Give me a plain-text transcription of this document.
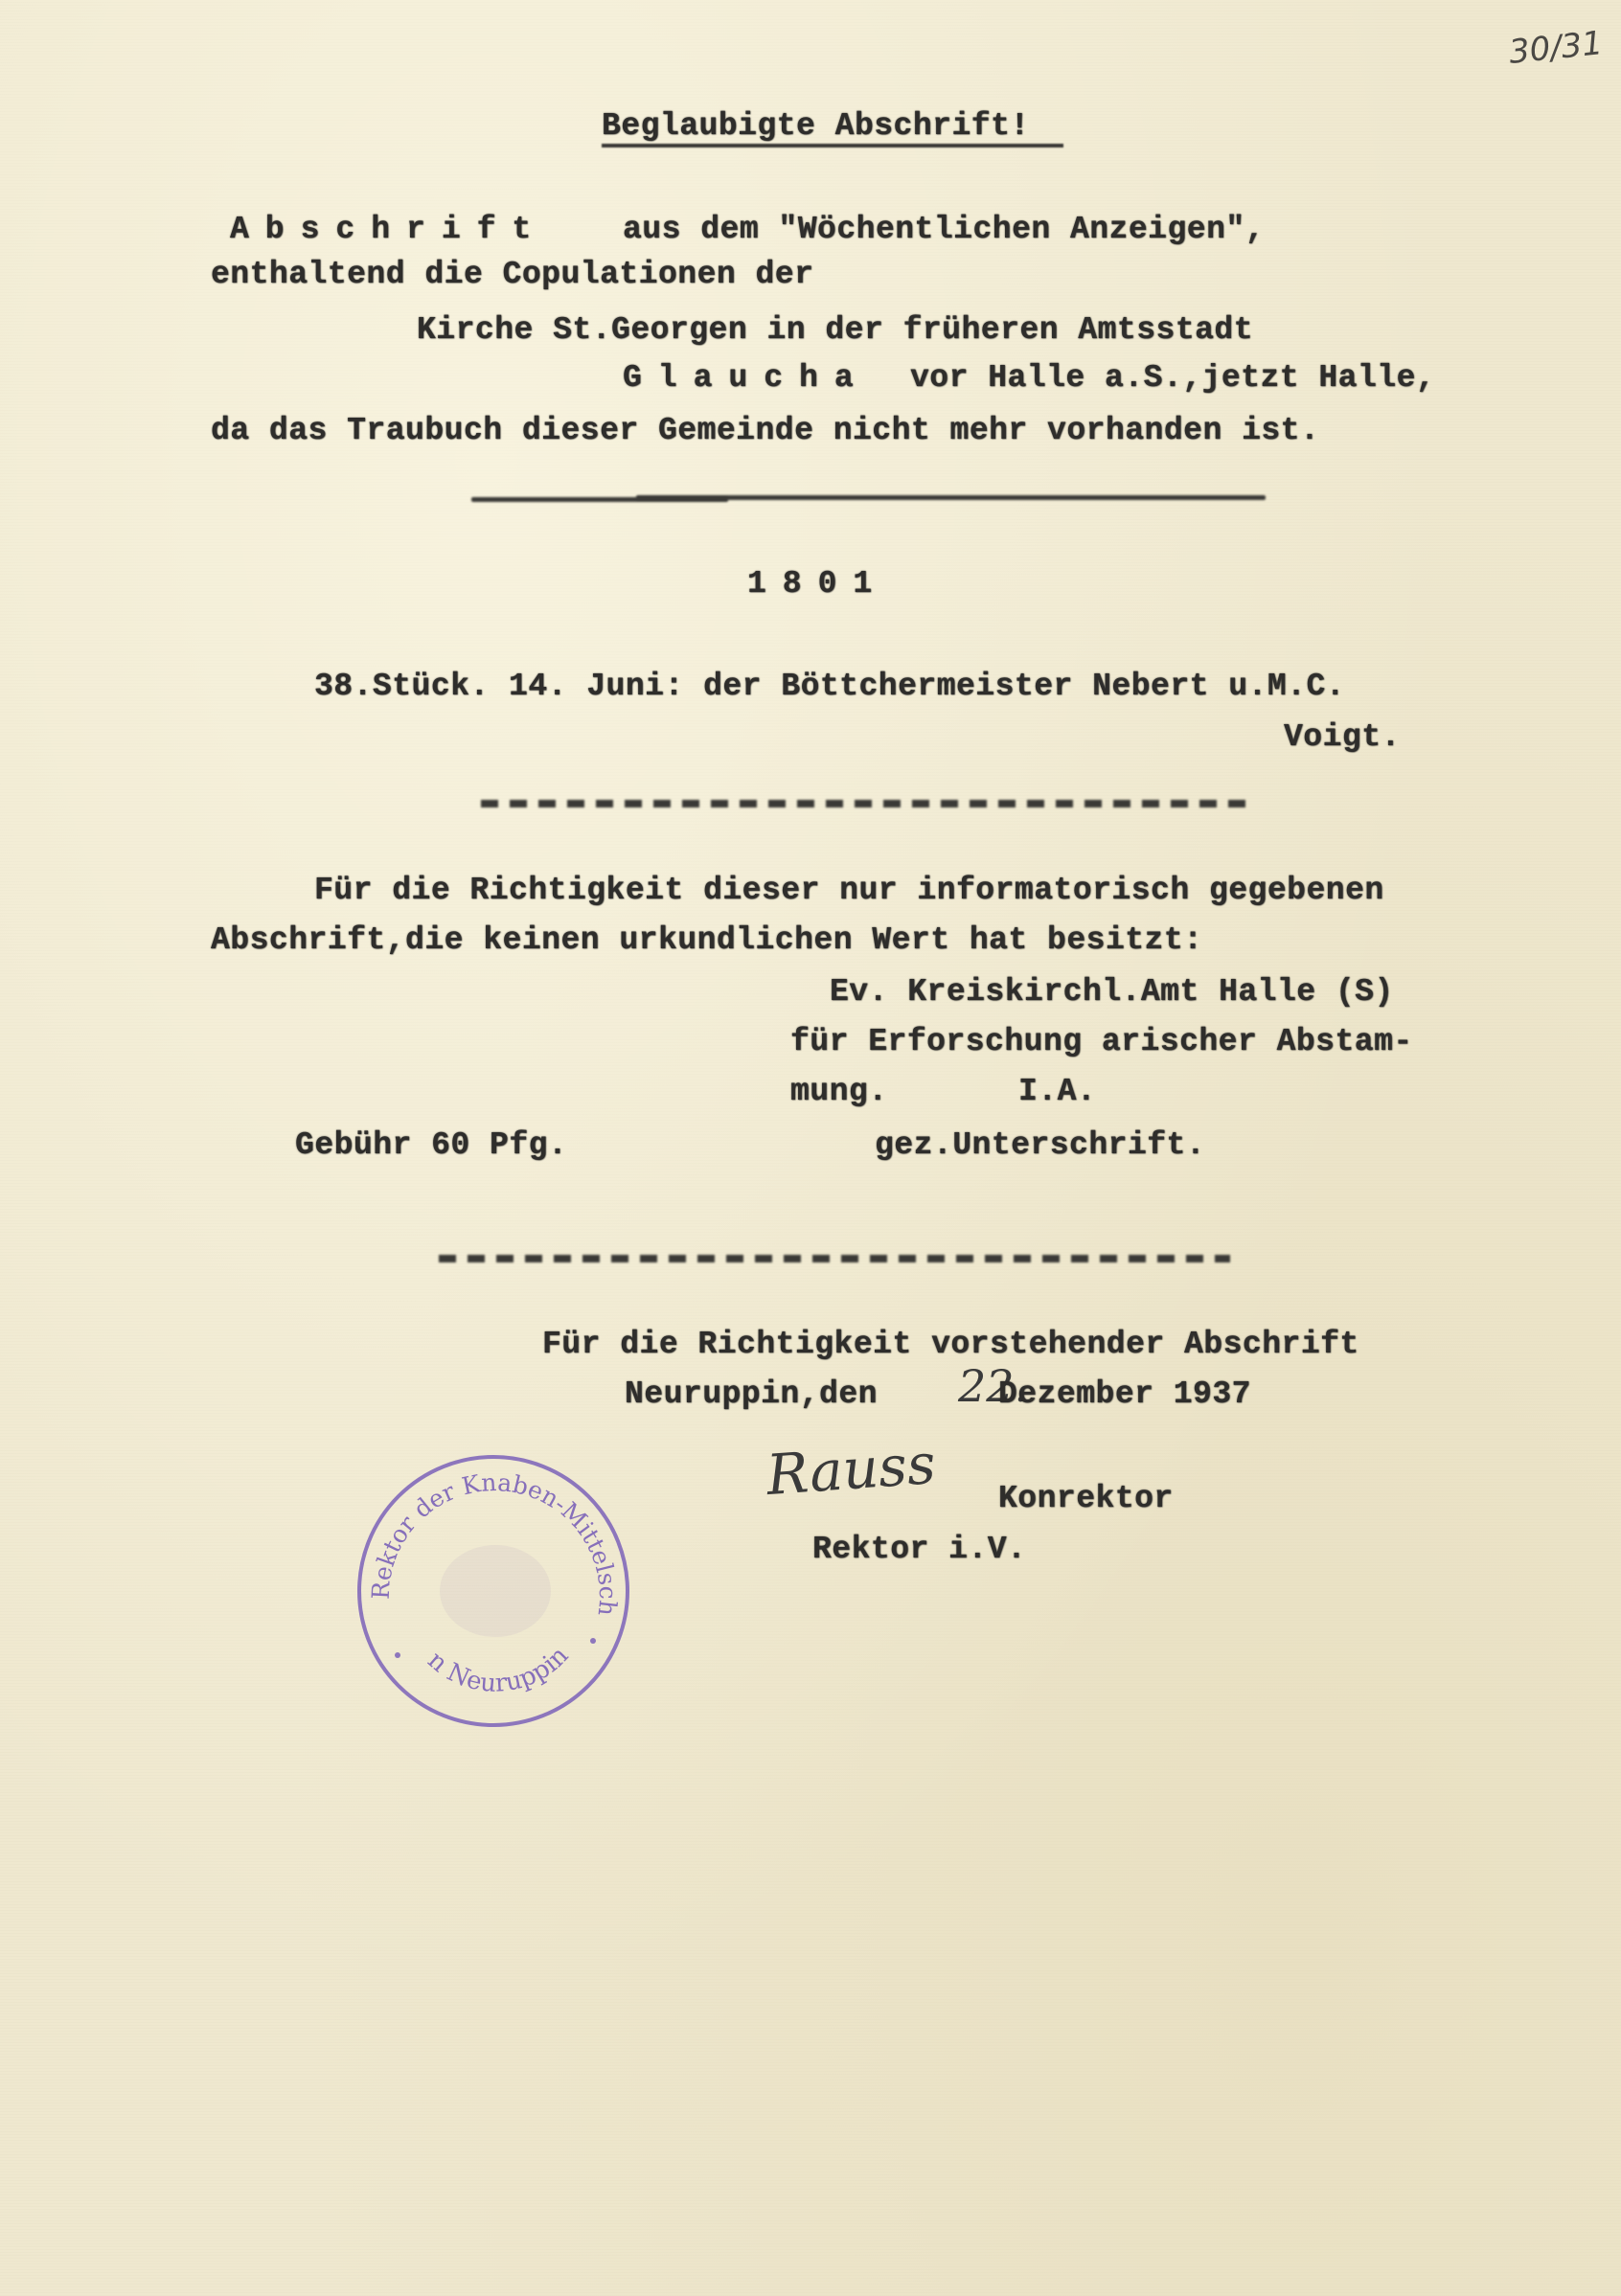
30/31
Beglaubigte Abschrift!
Abschrift aus dem "Wöchentlichen Anzeigen",
enthaltend die Copulationen der
Kirche St.Georgen in der früheren Amtsstadt
Glaucha vor Halle a.S.,jetzt Halle,
da das Traubuch dieser Gemeinde nicht mehr vorhanden ist.
1801
38.Stück. 14. Juni: der Böttchermeister Nebert u.M.C.
Voigt.
Für die Richtigkeit dieser nur informatorisch gegebenen
Abschrift,die keinen urkundlichen Wert hat besitzt:
Ev. Kreiskirchl.Amt Halle (S)
für Erforschung arischer Abstam-
mung.	I.A.
Gebühr 60 Pfg.	gez.Unterschrift.
Für die Richtigkeit vorstehender Abschrift
Neuruppin,den 22.
Dezember 1937
Rauss Konrektor
Rektor i.V.
Rektor der Knaben-Mittelsch
n Neuruppin
